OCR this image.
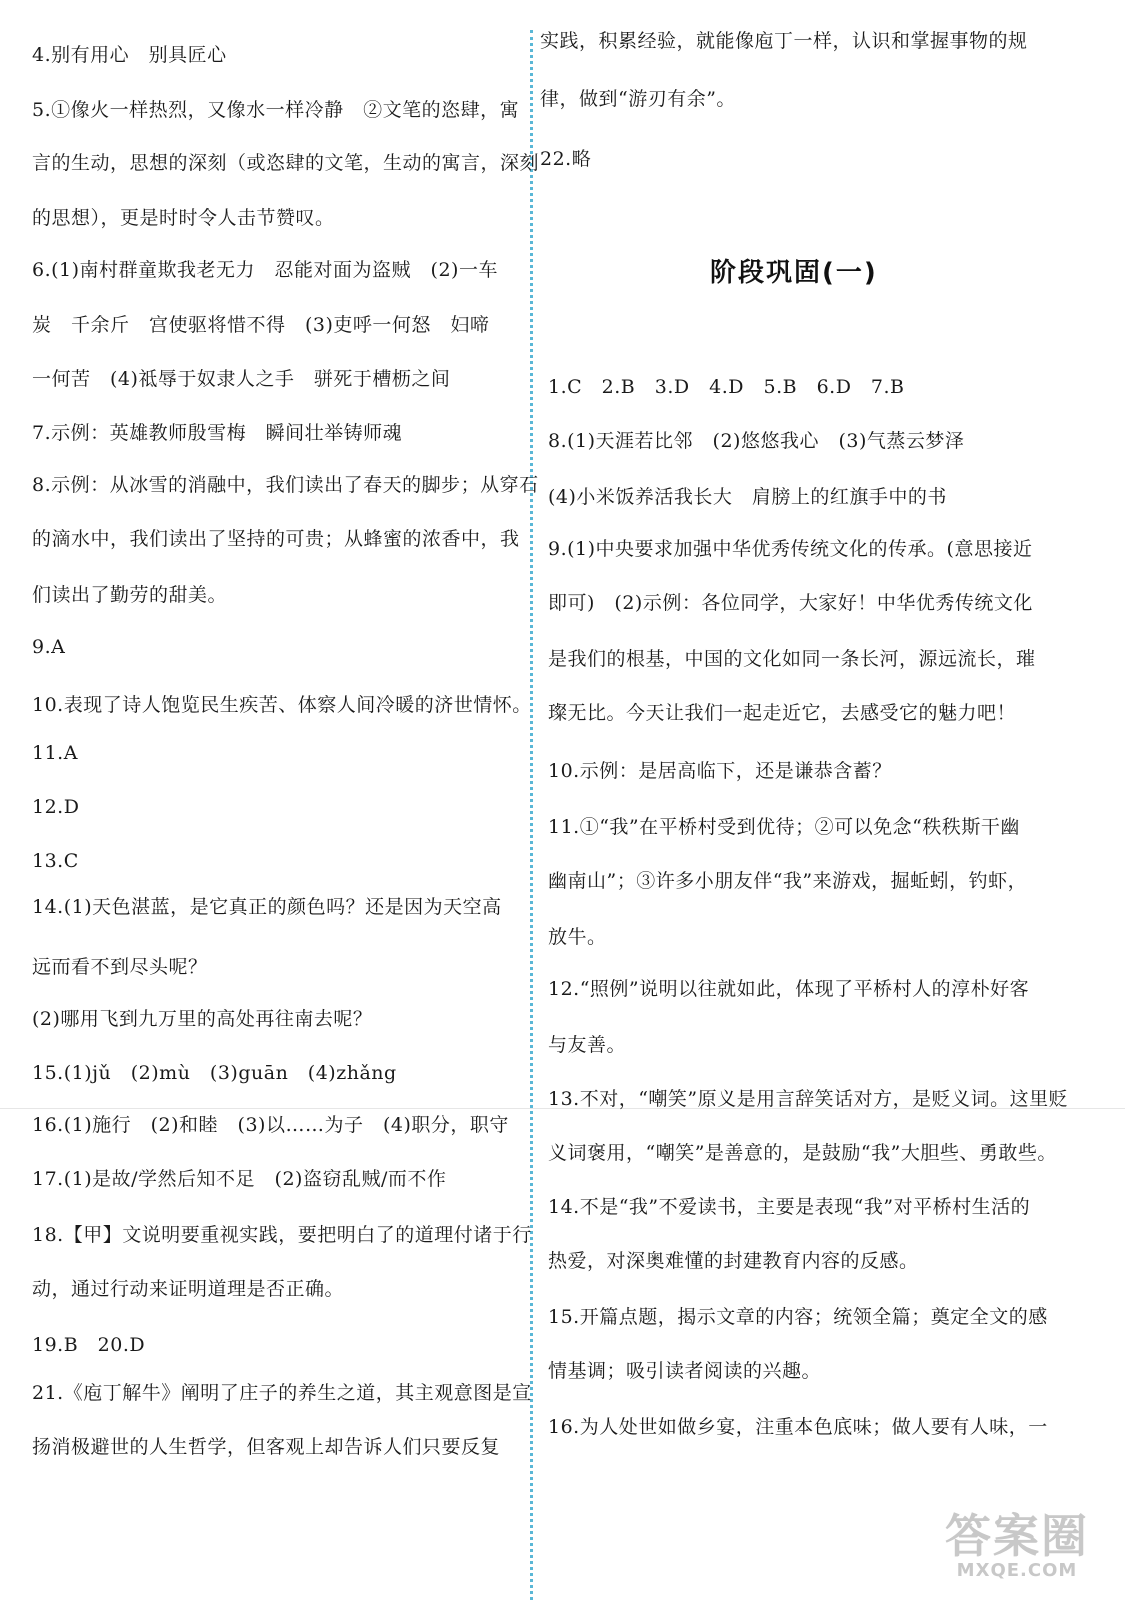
4.别有用心　别具匠心
5.①像火一样热烈，又像水一样冷静　②文笔的恣肆，寓
言的生动，思想的深刻（或恣肆的文笔，生动的寓言，深刻
的思想），更是时时令人击节赞叹。
6.(1)南村群童欺我老无力　忍能对面为盗贼　(2)一车
炭　千余斤　宫使驱将惜不得　(3)吏呼一何怒　妇啼
一何苦　(4)祗辱于奴隶人之手　骈死于槽枥之间
7.示例：英雄教师殷雪梅　瞬间壮举铸师魂
8.示例：从冰雪的消融中，我们读出了春天的脚步；从穿石
的滴水中，我们读出了坚持的可贵；从蜂蜜的浓香中，我
们读出了勤劳的甜美。
9.A
10.表现了诗人饱览民生疾苦、体察人间冷暖的济世情怀。
11.A
12.D
13.C
14.(1)天色湛蓝，是它真正的颜色吗？还是因为天空高
远而看不到尽头呢？
(2)哪用飞到九万里的高处再往南去呢？
15.(1)jǔ　(2)mù　(3)guān　(4)zhǎng
16.(1)施行　(2)和睦　(3)以……为子　(4)职分，职守
17.(1)是故/学然后知不足　(2)盗窃乱贼/而不作
18.【甲】文说明要重视实践，要把明白了的道理付诸于行
动，通过行动来证明道理是否正确。
19.B　20.D
21.《庖丁解牛》阐明了庄子的养生之道，其主观意图是宣
扬消极避世的人生哲学，但客观上却告诉人们只要反复
实践，积累经验，就能像庖丁一样，认识和掌握事物的规
律，做到“游刃有余”。
22.略
1.C　2.B　3.D　4.D　5.B　6.D　7.B
8.(1)天涯若比邻　(2)悠悠我心　(3)气蒸云梦泽
(4)小米饭养活我长大　肩膀上的红旗手中的书
9.(1)中央要求加强中华优秀传统文化的传承。(意思接近
即可)　(2)示例：各位同学，大家好！中华优秀传统文化
是我们的根基，中国的文化如同一条长河，源远流长，璀
璨无比。今天让我们一起走近它，去感受它的魅力吧！
10.示例：是居高临下，还是谦恭含蓄？
11.①“我”在平桥村受到优待；②可以免念“秩秩斯干幽
幽南山”；③许多小朋友伴“我”来游戏，掘蚯蚓，钓虾，
放牛。
12.“照例”说明以往就如此，体现了平桥村人的淳朴好客
与友善。
13.不对，“嘲笑”原义是用言辞笑话对方，是贬义词。这里贬
义词褒用，“嘲笑”是善意的，是鼓励“我”大胆些、勇敢些。
14.不是“我”不爱读书，主要是表现“我”对平桥村生活的
热爱，对深奥难懂的封建教育内容的反感。
15.开篇点题，揭示文章的内容；统领全篇；奠定全文的感
情基调；吸引读者阅读的兴趣。
16.为人处世如做乡宴，注重本色底味；做人要有人味，一
阶段巩固(一)
答案圈
MXQE.COM
